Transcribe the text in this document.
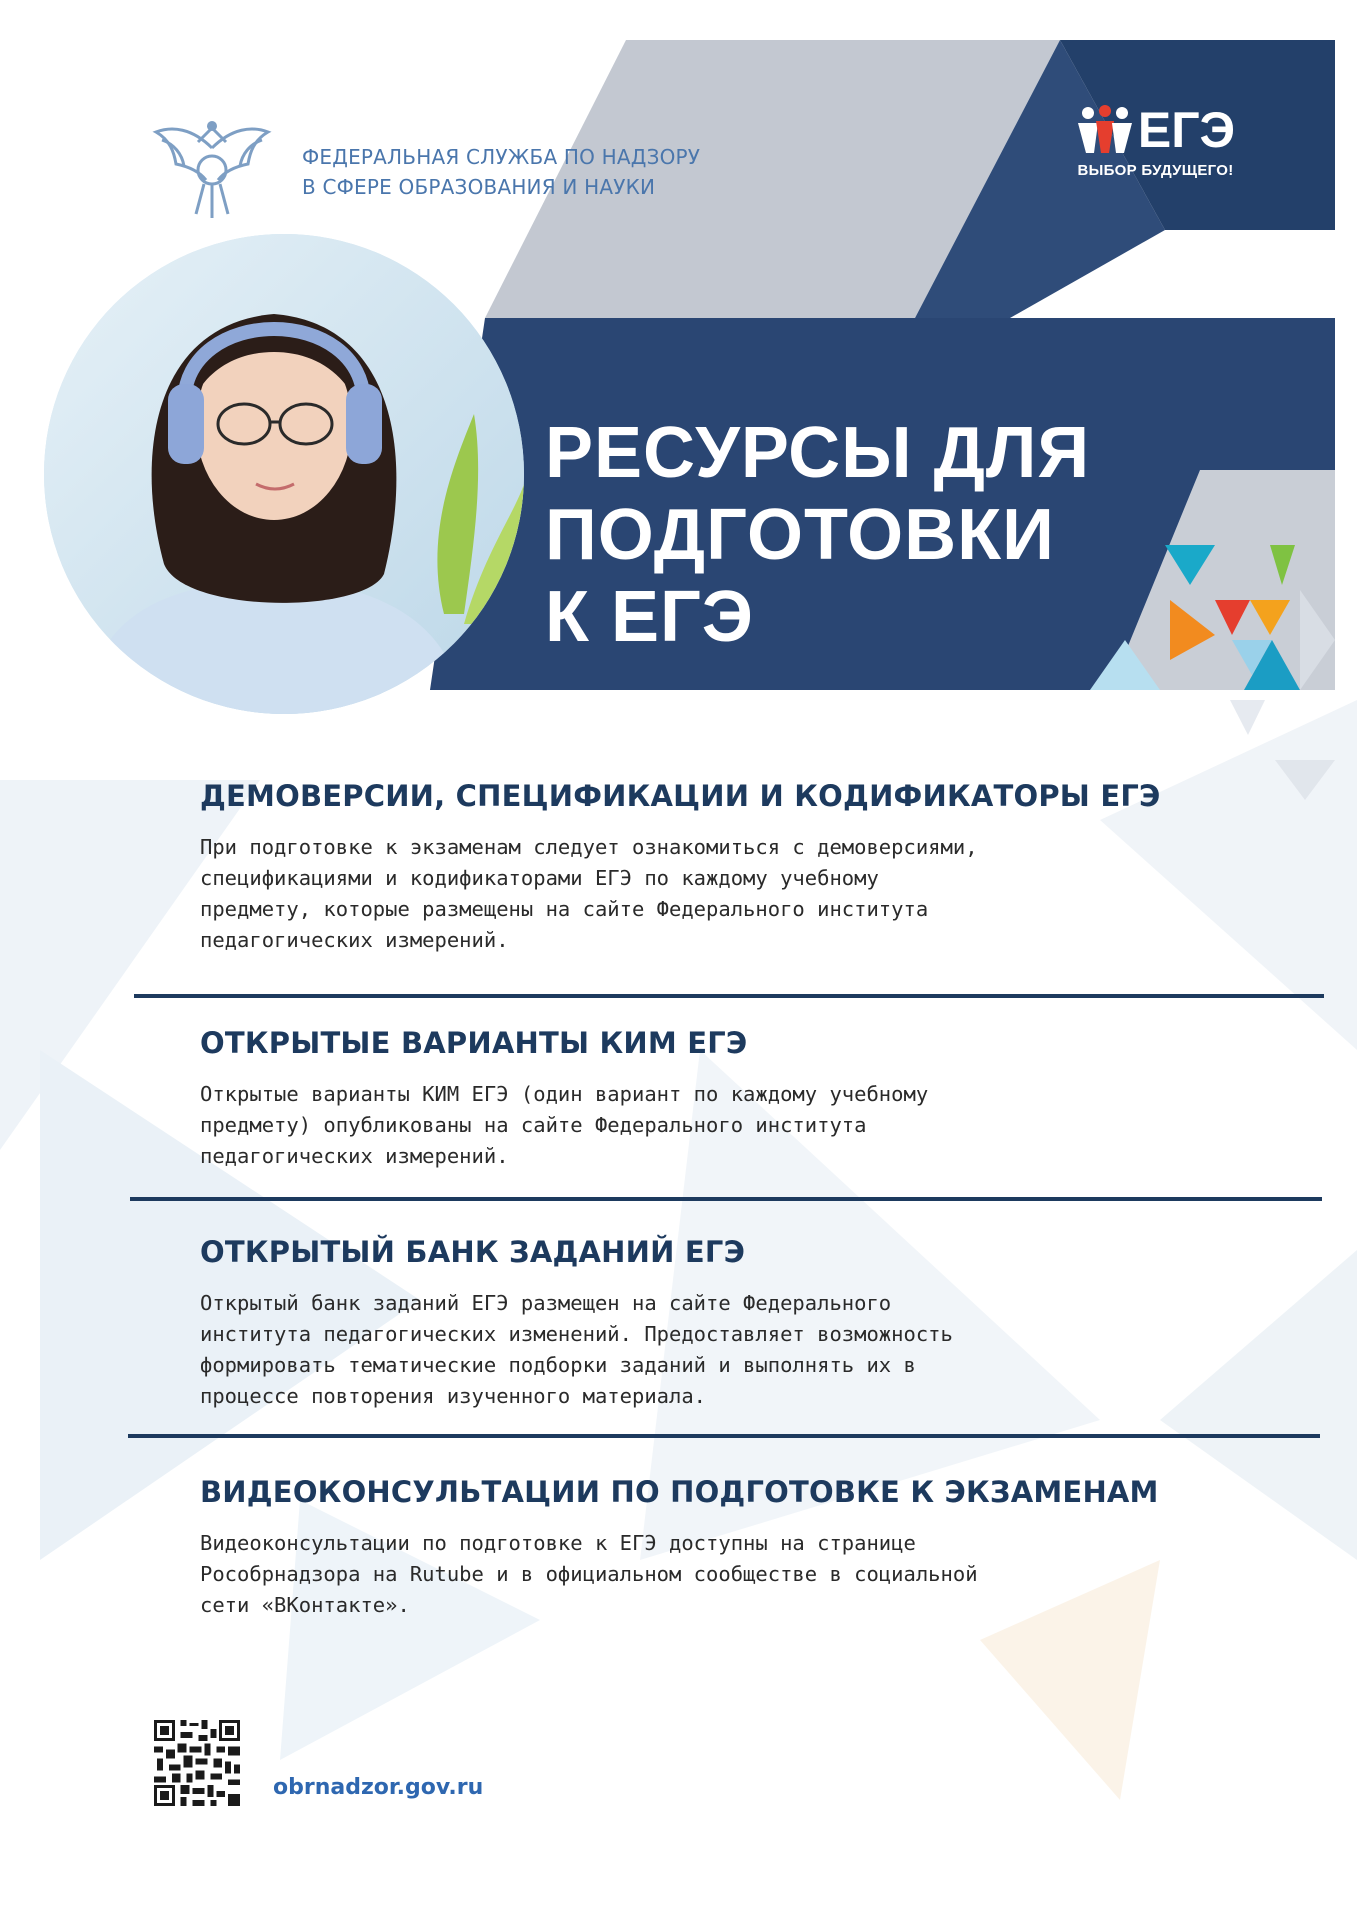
ФЕДЕРАЛЬНАЯ СЛУЖБА ПО НАДЗОРУ
В СФЕРЕ ОБРАЗОВАНИЯ И НАУКИ
ЕГЭ
ВЫБОР БУДУЩЕГО!
РЕСУРСЫ ДЛЯ
ПОДГОТОВКИ
К ЕГЭ
ДЕМОВЕРСИИ, СПЕЦИФИКАЦИИ И КОДИФИКАТОРЫ ЕГЭ
При подготовке к экзаменам следует ознакомиться с демоверсиями,
спецификациями и кодификаторами ЕГЭ по каждому учебному
предмету, которые размещены на сайте Федерального института
педагогических измерений.
ОТКРЫТЫЕ ВАРИАНТЫ КИМ ЕГЭ
Открытые варианты КИМ ЕГЭ (один вариант по каждому учебному
предмету) опубликованы на сайте Федерального института
педагогических измерений.
ОТКРЫТЫЙ БАНК ЗАДАНИЙ ЕГЭ
Открытый банк заданий ЕГЭ размещен на сайте Федерального
института педагогических изменений. Предоставляет возможность
формировать тематические подборки заданий и выполнять их в
процессе повторения изученного материала.
ВИДЕОКОНСУЛЬТАЦИИ ПО ПОДГОТОВКЕ К ЭКЗАМЕНАМ
Видеоконсультации по подготовке к ЕГЭ доступны на странице
Рособрнадзора на Rutube и в официальном сообществе в социальной
сети «ВКонтакте».
obrnadzor.gov.ru
